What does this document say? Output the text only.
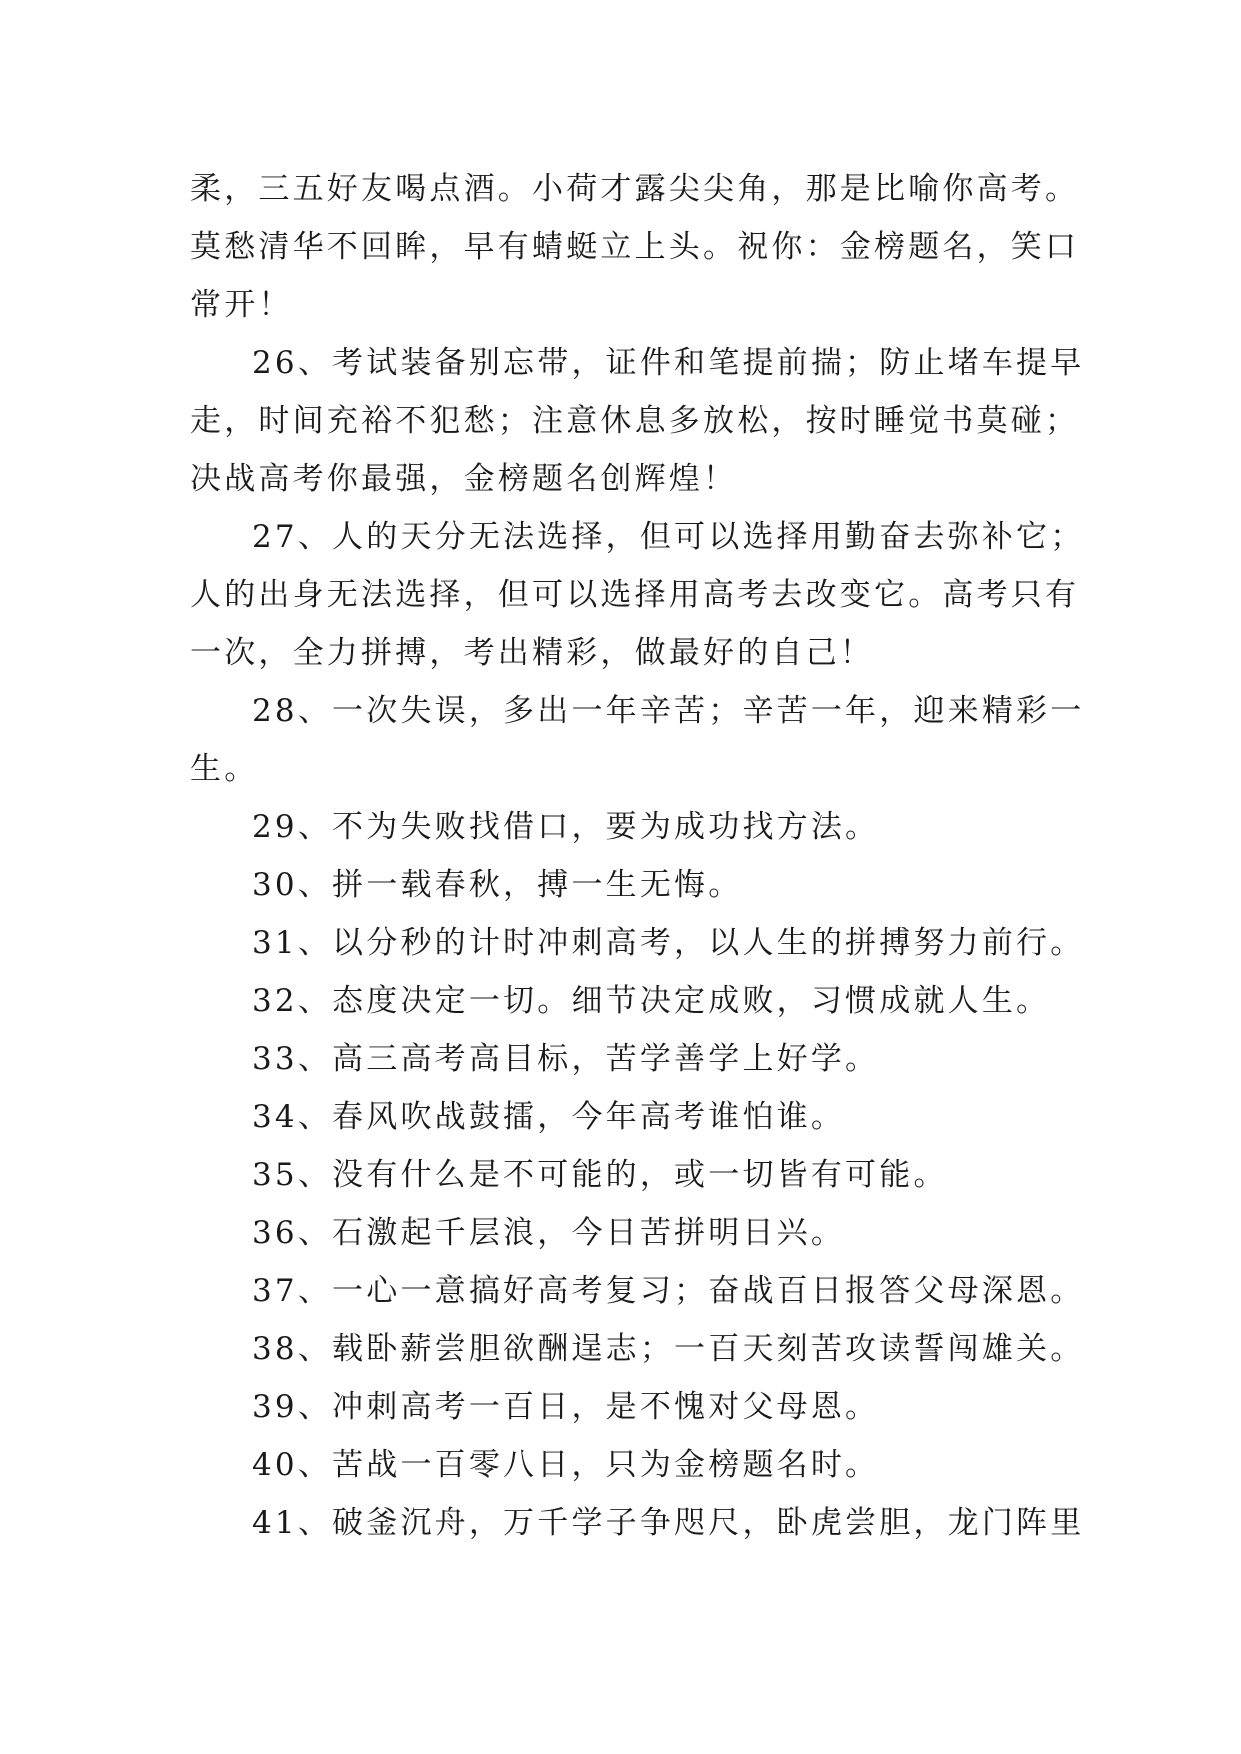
柔，三五好友喝点酒。小荷才露尖尖角，那是比喻你高考。
莫愁清华不回眸，早有蜻蜓立上头。祝你：金榜题名，笑口
常开！
26、考试装备别忘带，证件和笔提前揣；防止堵车提早
走，时间充裕不犯愁；注意休息多放松，按时睡觉书莫碰；
决战高考你最强，金榜题名创辉煌！
27、人的天分无法选择，但可以选择用勤奋去弥补它；
人的出身无法选择，但可以选择用高考去改变它。高考只有
一次，全力拼搏，考出精彩，做最好的自己！
28、一次失误，多出一年辛苦；辛苦一年，迎来精彩一
生。
29、不为失败找借口，要为成功找方法。
30、拼一载春秋，搏一生无悔。
31、以分秒的计时冲刺高考，以人生的拼搏努力前行。
32、态度决定一切。细节决定成败，习惯成就人生。
33、高三高考高目标，苦学善学上好学。
34、春风吹战鼓擂，今年高考谁怕谁。
35、没有什么是不可能的，或一切皆有可能。
36、石激起千层浪，今日苦拼明日兴。
37、一心一意搞好高考复习；奋战百日报答父母深恩。
38、载卧薪尝胆欲酬逞志；一百天刻苦攻读誓闯雄关。
39、冲刺高考一百日，是不愧对父母恩。
40、苦战一百零八日，只为金榜题名时。
41、破釜沉舟，万千学子争咫尺，卧虎尝胆，龙门阵里
